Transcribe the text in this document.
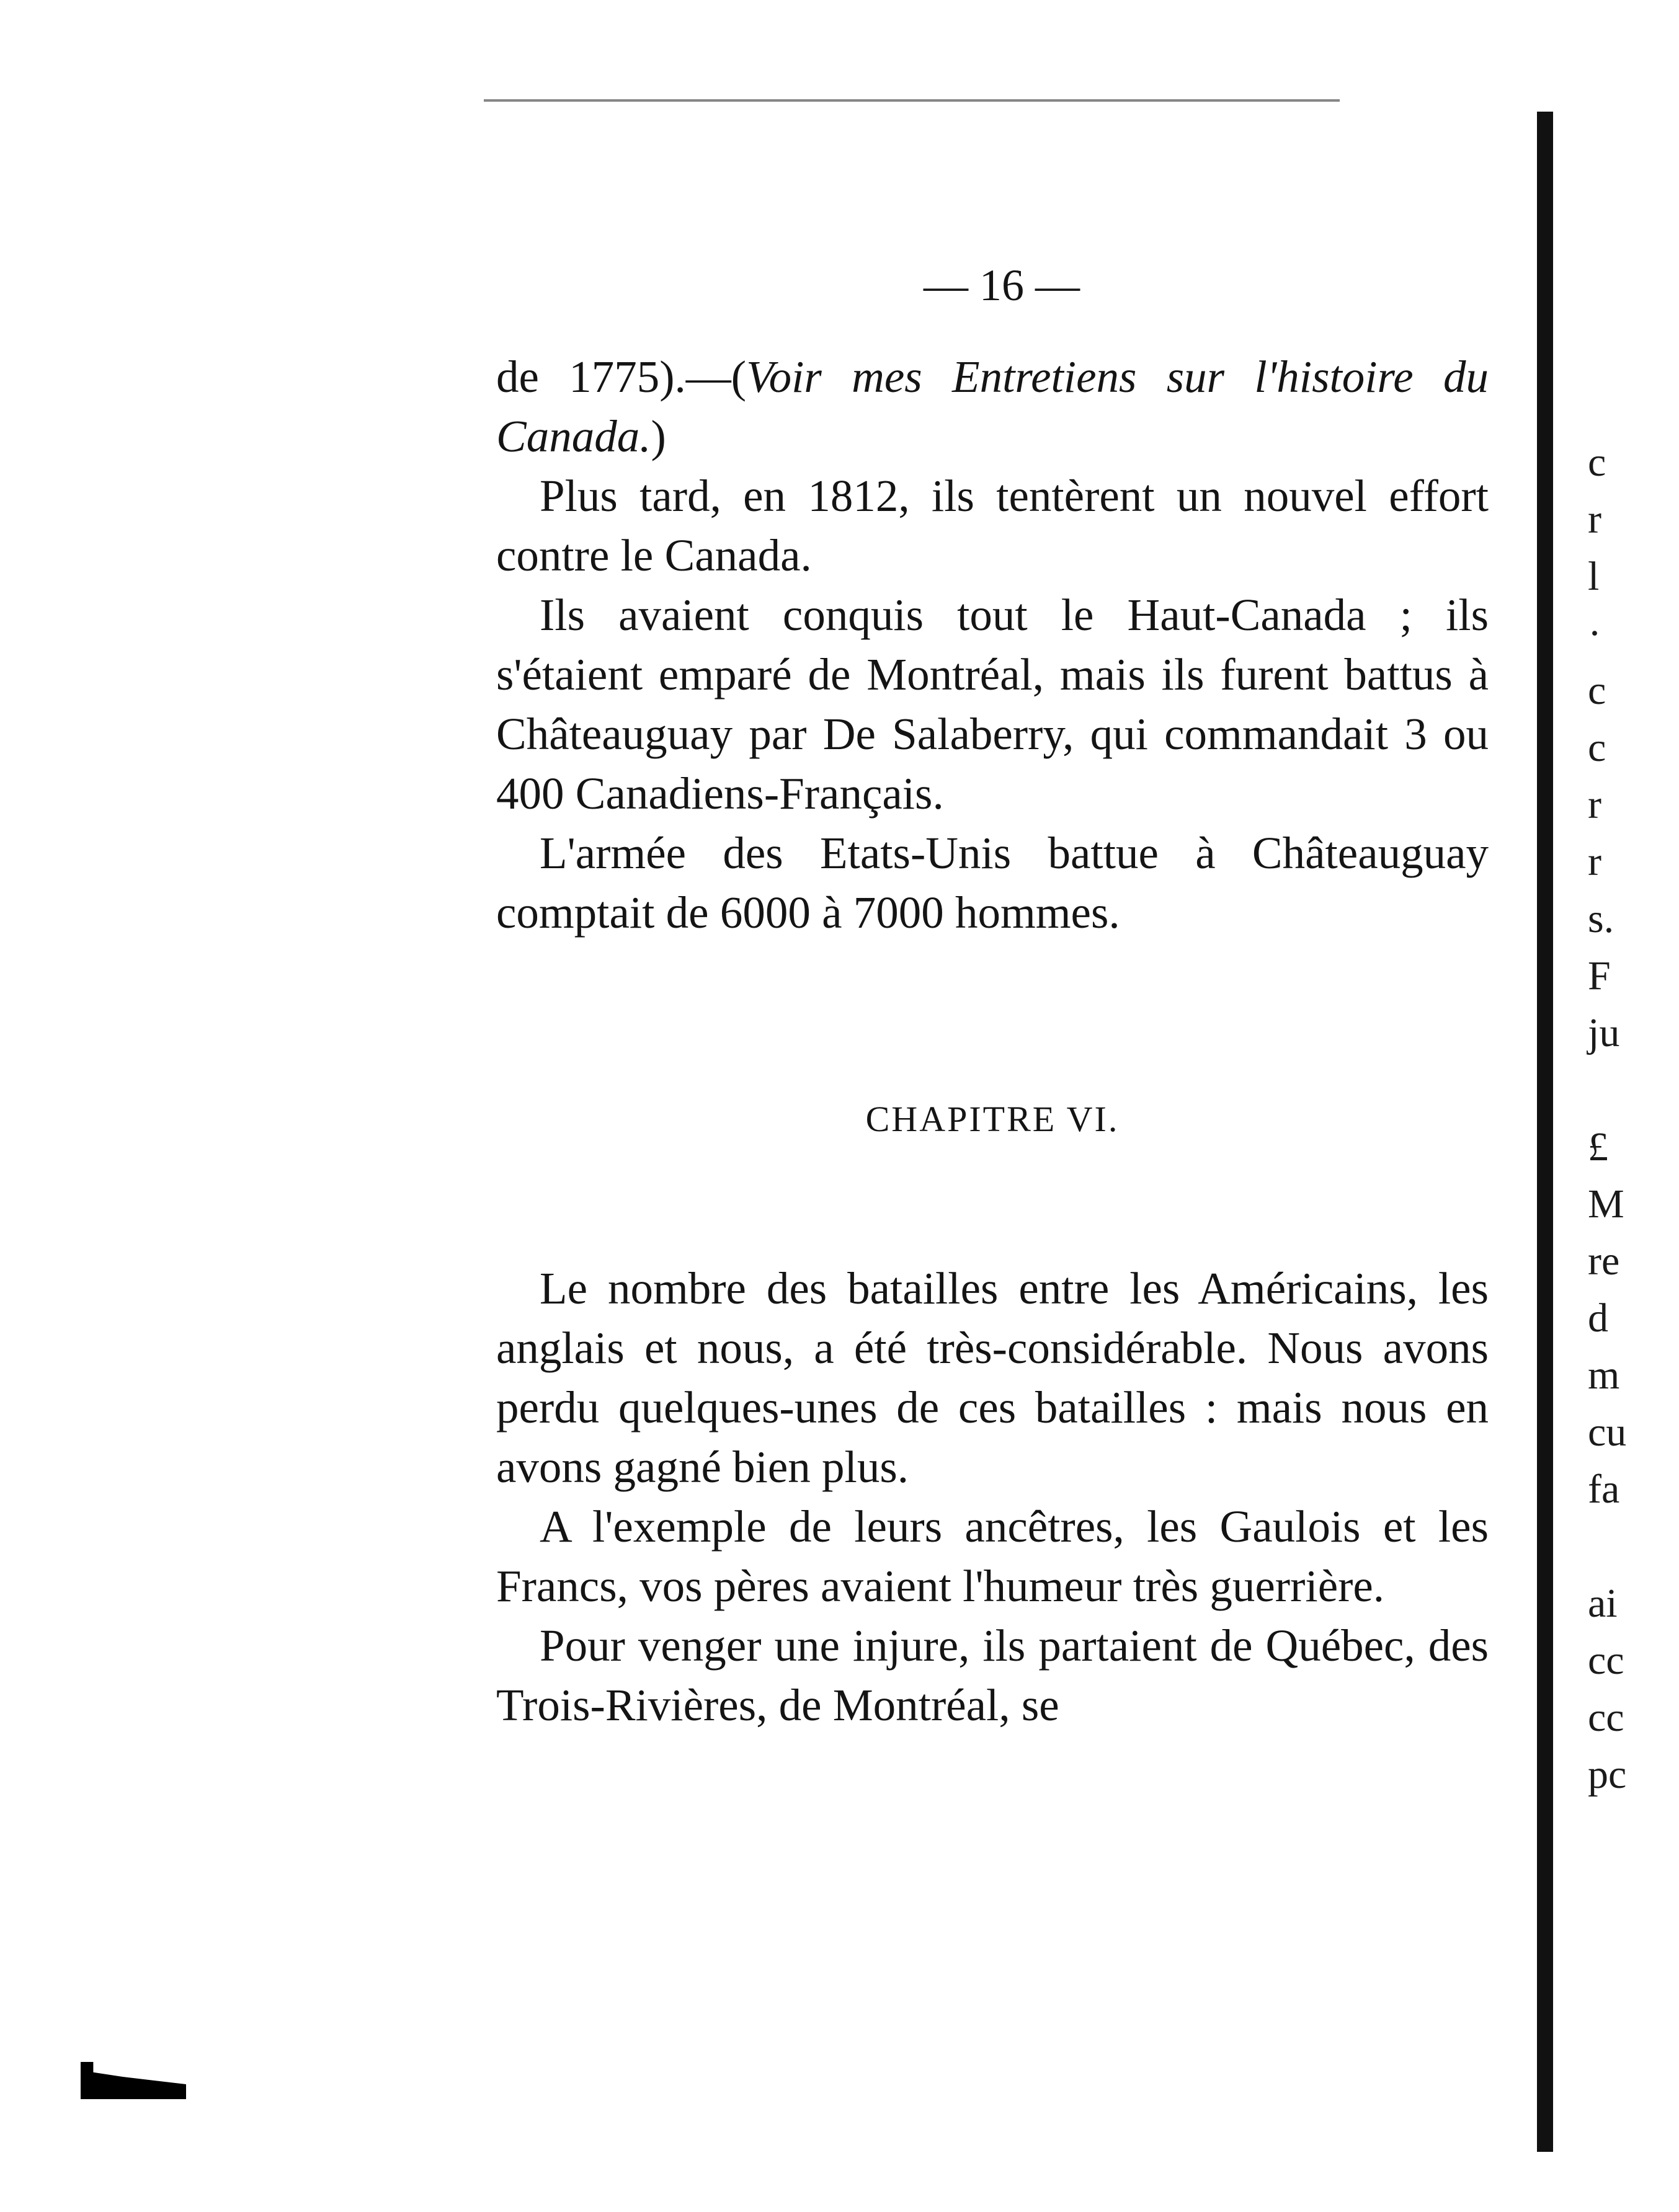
— 16 —

de 1775).—(Voir mes Entretiens sur l'histoire du Canada.)

Plus tard, en 1812, ils tentèrent un nouvel effort contre le Canada.

Ils avaient conquis tout le Haut-Canada ; ils s'étaient emparé de Montréal, mais ils furent battus à Châteauguay par De Salaberry, qui commandait 3 ou 400 Canadiens-Français.

L'armée des Etats-Unis battue à Châteauguay comptait de 6000 à 7000 hommes.

CHAPITRE VI.

Le nombre des batailles entre les Américains, les anglais et nous, a été très-considérable. Nous avons perdu quelques-unes de ces batailles : mais nous en avons gagné bien plus.

A l'exemple de leurs ancêtres, les Gaulois et les Francs, vos pères avaient l'humeur très guerrière.

Pour venger une injure, ils partaient de Québec, des Trois-Rivières, de Montréal, se

c
r
l
·
c
c
r
r
s.
F
ju
£
M
re
d
m
cu
fa
ai
cc
cc
pc
